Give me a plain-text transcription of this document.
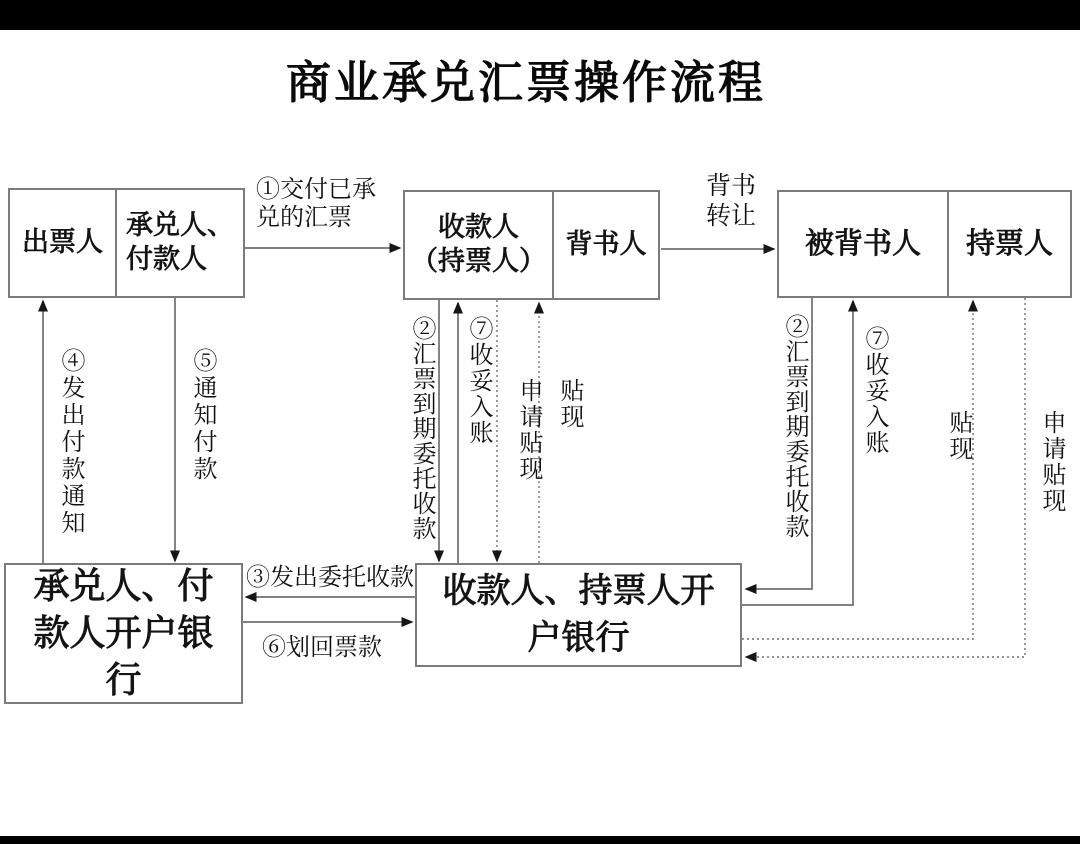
商业承兑汇票操作流程
出票人
承兑人、
付款人
收款人
（持票人）
背书人	被背书人 持票人
承兑人、付
款人开户银
行
收款人、持票人开
户银行
①交付已承
兑的汇票
背书
转让
④发出付款通知	⑤通知付款	②汇票到期委托收款 ⑦收妥入账 申请贴现 贴现	②汇票到期委托收款 ⑦收妥入账 贴现	申请贴现
③发出委托收款
⑥划回票款
